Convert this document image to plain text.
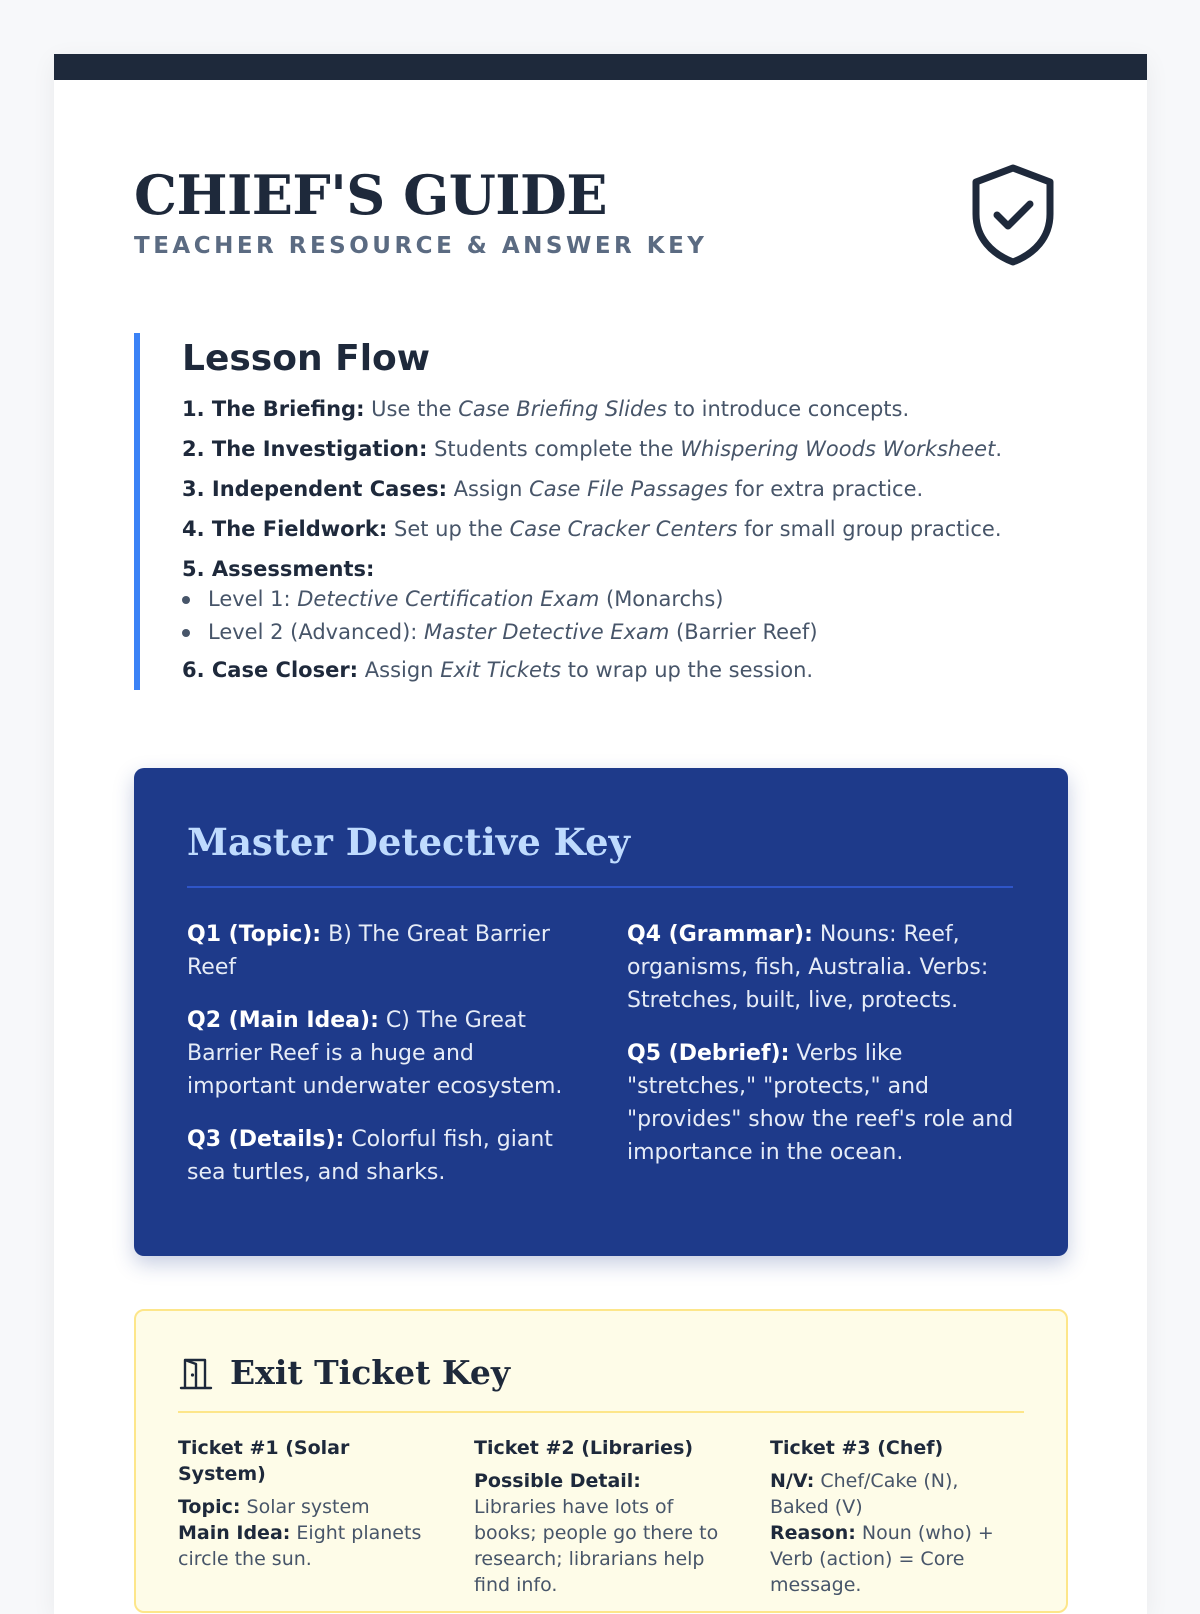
CHIEF'S GUIDE
TEACHER RESOURCE & ANSWER KEY
Lesson Flow
1. The Briefing: Use the Case Briefing Slides to introduce concepts.
2. The Investigation: Students complete the Whispering Woods Worksheet.
3. Independent Cases: Assign Case File Passages for extra practice.
4. The Fieldwork: Set up the Case Cracker Centers for small group practice.
5. Assessments:
Level 1: Detective Certification Exam (Monarchs)
Level 2 (Advanced): Master Detective Exam (Barrier Reef)
6. Case Closer: Assign Exit Tickets to wrap up the session.
Master Detective Key

Q1 (Topic): B) The Great Barrier Reef

Q2 (Main Idea): C) The Great Barrier Reef is a huge and important underwater ecosystem.

Q3 (Details): Colorful fish, giant sea turtles, and sharks.

Q4 (Grammar): Nouns: Reef, organisms, fish, Australia. Verbs: Stretches, built, live, protects.

Q5 (Debrief): Verbs like "stretches," "protects," and "provides" show the reef's role and importance in the ocean.

Exit Ticket Key
Ticket #1 (Solar System)
Topic: Solar system
Main Idea: Eight planets circle the sun.
Ticket #2 (Libraries)
Possible Detail: Libraries have lots of books; people go there to research; librarians help find info.
Ticket #3 (Chef)
N/V: Chef/Cake (N), Baked (V)
Reason: Noun (who) + Verb (action) = Core message.
